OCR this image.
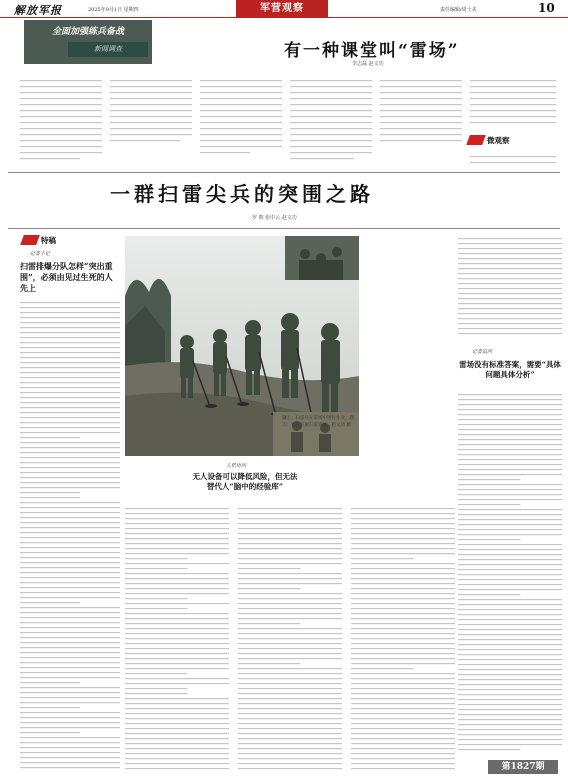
解放军报	2025年9月1日 星期四	军营观察	责任编辑/周士美	10
全面加强练兵备战
新闻调查	有一种课堂叫“雷场”
李志磊 赵文功
微观察
一群扫雷尖兵的突围之路
罗 朝 张中云 赵文功
特稿
记者手记
扫雷排爆分队怎样“突出重围”，必须由见过生死的人先上
题①：扫雷兵在雷场中进行作业。题②：官兵开展扫雷训练。赵文功 摄
人机协同
无人设备可以降低风险，但无法替代人“脑中的经验库”
记者追问
雷场没有标准答案，需要“具体问题具体分析”
第1827期
